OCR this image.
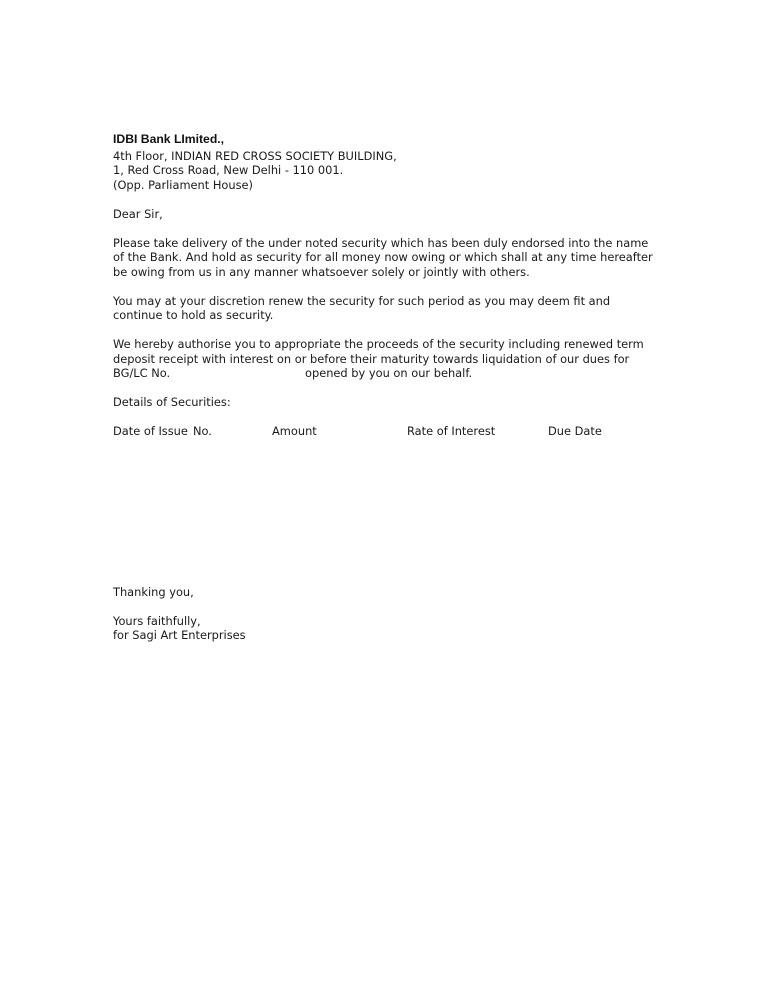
IDBI Bank LImited.,
4th Floor, INDIAN RED CROSS SOCIETY BUILDING,
1, Red Cross Road, New Delhi - 110 001.
(Opp. Parliament House)
Dear Sir,
Please take delivery of the under noted security which has been duly endorsed into the name
of the Bank. And hold as security for all money now owing or which shall at any time hereafter
be owing from us in any manner whatsoever solely or jointly with others.
You may at your discretion renew the security for such period as you may deem fit and
continue to hold as security.
We hereby authorise you to appropriate the proceeds of the security including renewed term
deposit receipt with interest on or before their maturity towards liquidation of our dues for
BG/LC No.	opened by you on our behalf.
Details of Securities:
Date of Issue No.	Amount	Rate of Interest	Due Date
Thanking you,
Yours faithfully,
for Sagi Art Enterprises
